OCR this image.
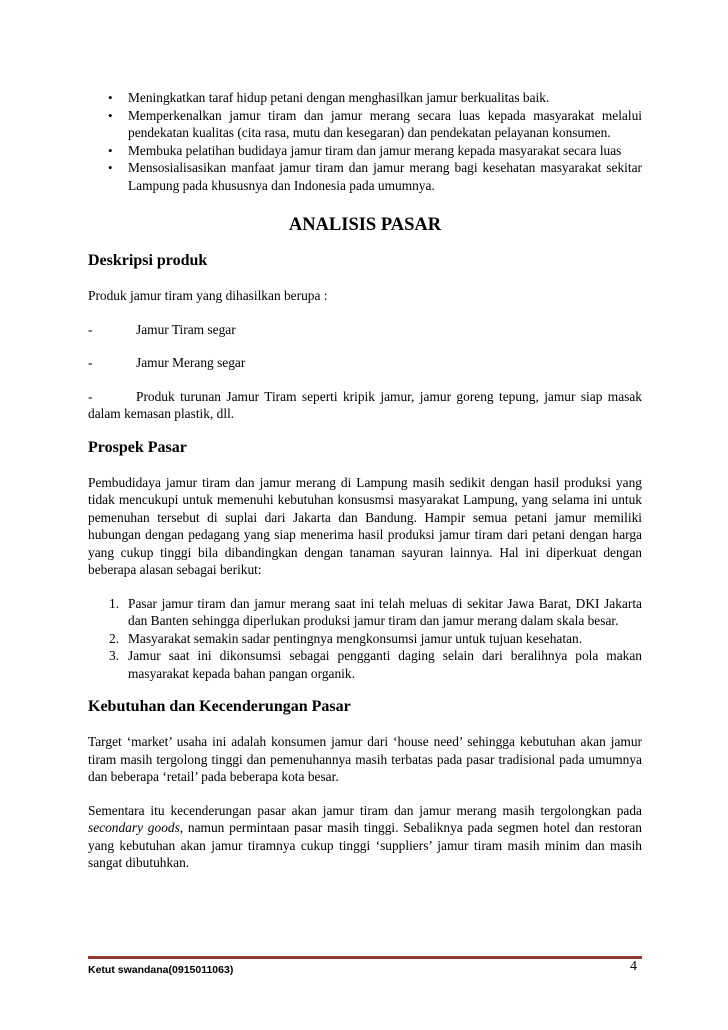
• Meningkatkan taraf hidup petani dengan menghasilkan jamur berkualitas baik.
• Memperkenalkan jamur tiram dan jamur merang secara luas kepada masyarakat melalui pendekatan kualitas (cita rasa, mutu dan kesegaran) dan pendekatan pelayanan konsumen.
• Membuka pelatihan budidaya jamur tiram dan jamur merang kepada masyarakat secara luas
• Mensosialisasikan manfaat jamur tiram dan jamur merang bagi kesehatan masyarakat sekitar Lampung pada khususnya dan Indonesia pada umumnya.
ANALISIS PASAR
Deskripsi produk

Produk jamur tiram yang dihasilkan berupa :

-	Jamur Tiram segar
-	Jamur Merang segar

-	Produk turunan Jamur Tiram seperti kripik jamur, jamur goreng tepung, jamur siap masak dalam kemasan plastik, dll.

Prospek Pasar

Pembudidaya jamur tiram dan jamur merang di Lampung masih sedikit dengan hasil produksi yang tidak mencukupi untuk memenuhi kebutuhan konsusmsi masyarakat Lampung, yang selama ini untuk pemenuhan tersebut di suplai dari Jakarta dan Bandung. Hampir semua petani jamur memiliki hubungan dengan pedagang yang siap menerima hasil produksi jamur tiram dari petani dengan harga yang cukup tinggi bila dibandingkan dengan tanaman sayuran lainnya. Hal ini diperkuat dengan beberapa alasan sebagai berikut:

1. Pasar jamur tiram dan jamur merang saat ini telah meluas di sekitar Jawa Barat, DKI Jakarta dan Banten sehingga diperlukan produksi jamur tiram dan jamur merang dalam skala besar.
2. Masyarakat semakin sadar pentingnya mengkonsumsi jamur untuk tujuan kesehatan.
3. Jamur saat ini dikonsumsi sebagai pengganti daging selain dari beralihnya pola makan masyarakat kepada bahan pangan organik.
Kebutuhan dan Kecenderungan Pasar

Target ‘market’ usaha ini adalah konsumen jamur dari ‘house need’ sehingga kebutuhan akan jamur tiram masih tergolong tinggi dan pemenuhannya masih terbatas pada pasar tradisional pada umumnya dan beberapa ‘retail’ pada beberapa kota besar.

Sementara itu kecenderungan pasar akan jamur tiram dan jamur merang masih tergolongkan pada secondary goods, namun permintaan pasar masih tinggi. Sebaliknya pada segmen hotel dan restoran yang kebutuhan akan jamur tiramnya cukup tinggi ‘suppliers’ jamur tiram masih minim dan masih sangat dibutuhkan.

Ketut swandana(0915011063)	4
